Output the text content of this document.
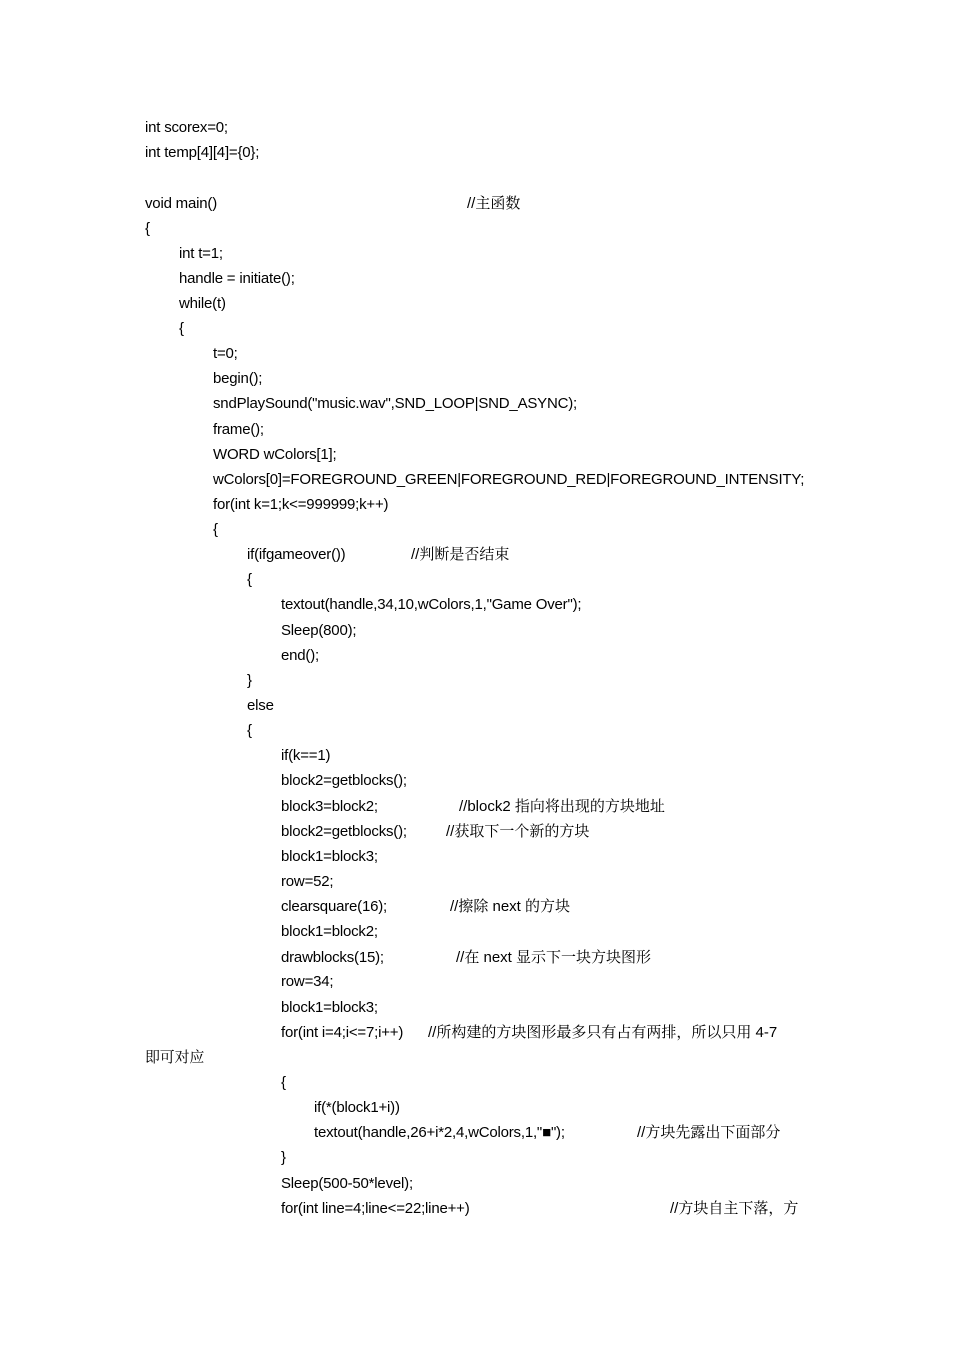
int scorex=0;
int temp[4][4]={0};
void main()	//主函数
{
int t=1;
handle = initiate();
while(t)
{
t=0;
begin();
sndPlaySound("music.wav",SND_LOOP|SND_ASYNC);
frame();
WORD wColors[1];
wColors[0]=FOREGROUND_GREEN|FOREGROUND_RED|FOREGROUND_INTENSITY;
for(int k=1;k<=999999;k++)
{
if(ifgameover())	//判断是否结束
{
textout(handle,34,10,wColors,1,"Game Over");
Sleep(800);
end();
}
else
{
if(k==1)
block2=getblocks();
block3=block2;	//block2 指向将出现的方块地址
block2=getblocks();	//获取下一个新的方块
block1=block3;
row=52;
clearsquare(16);	//擦除 next 的方块
block1=block2;
drawblocks(15);	//在 next 显示下一块方块图形
row=34;
block1=block3;
for(int i=4;i<=7;i++) //所构建的方块图形最多只有占有两排，所以只用 4-7
即可对应
{
if(*(block1+i))
textout(handle,26+i*2,4,wColors,1,"■");	//方块先露出下面部分
}
Sleep(500-50*level);
for(int line=4;line<=22;line++)	//方块自主下落，方
